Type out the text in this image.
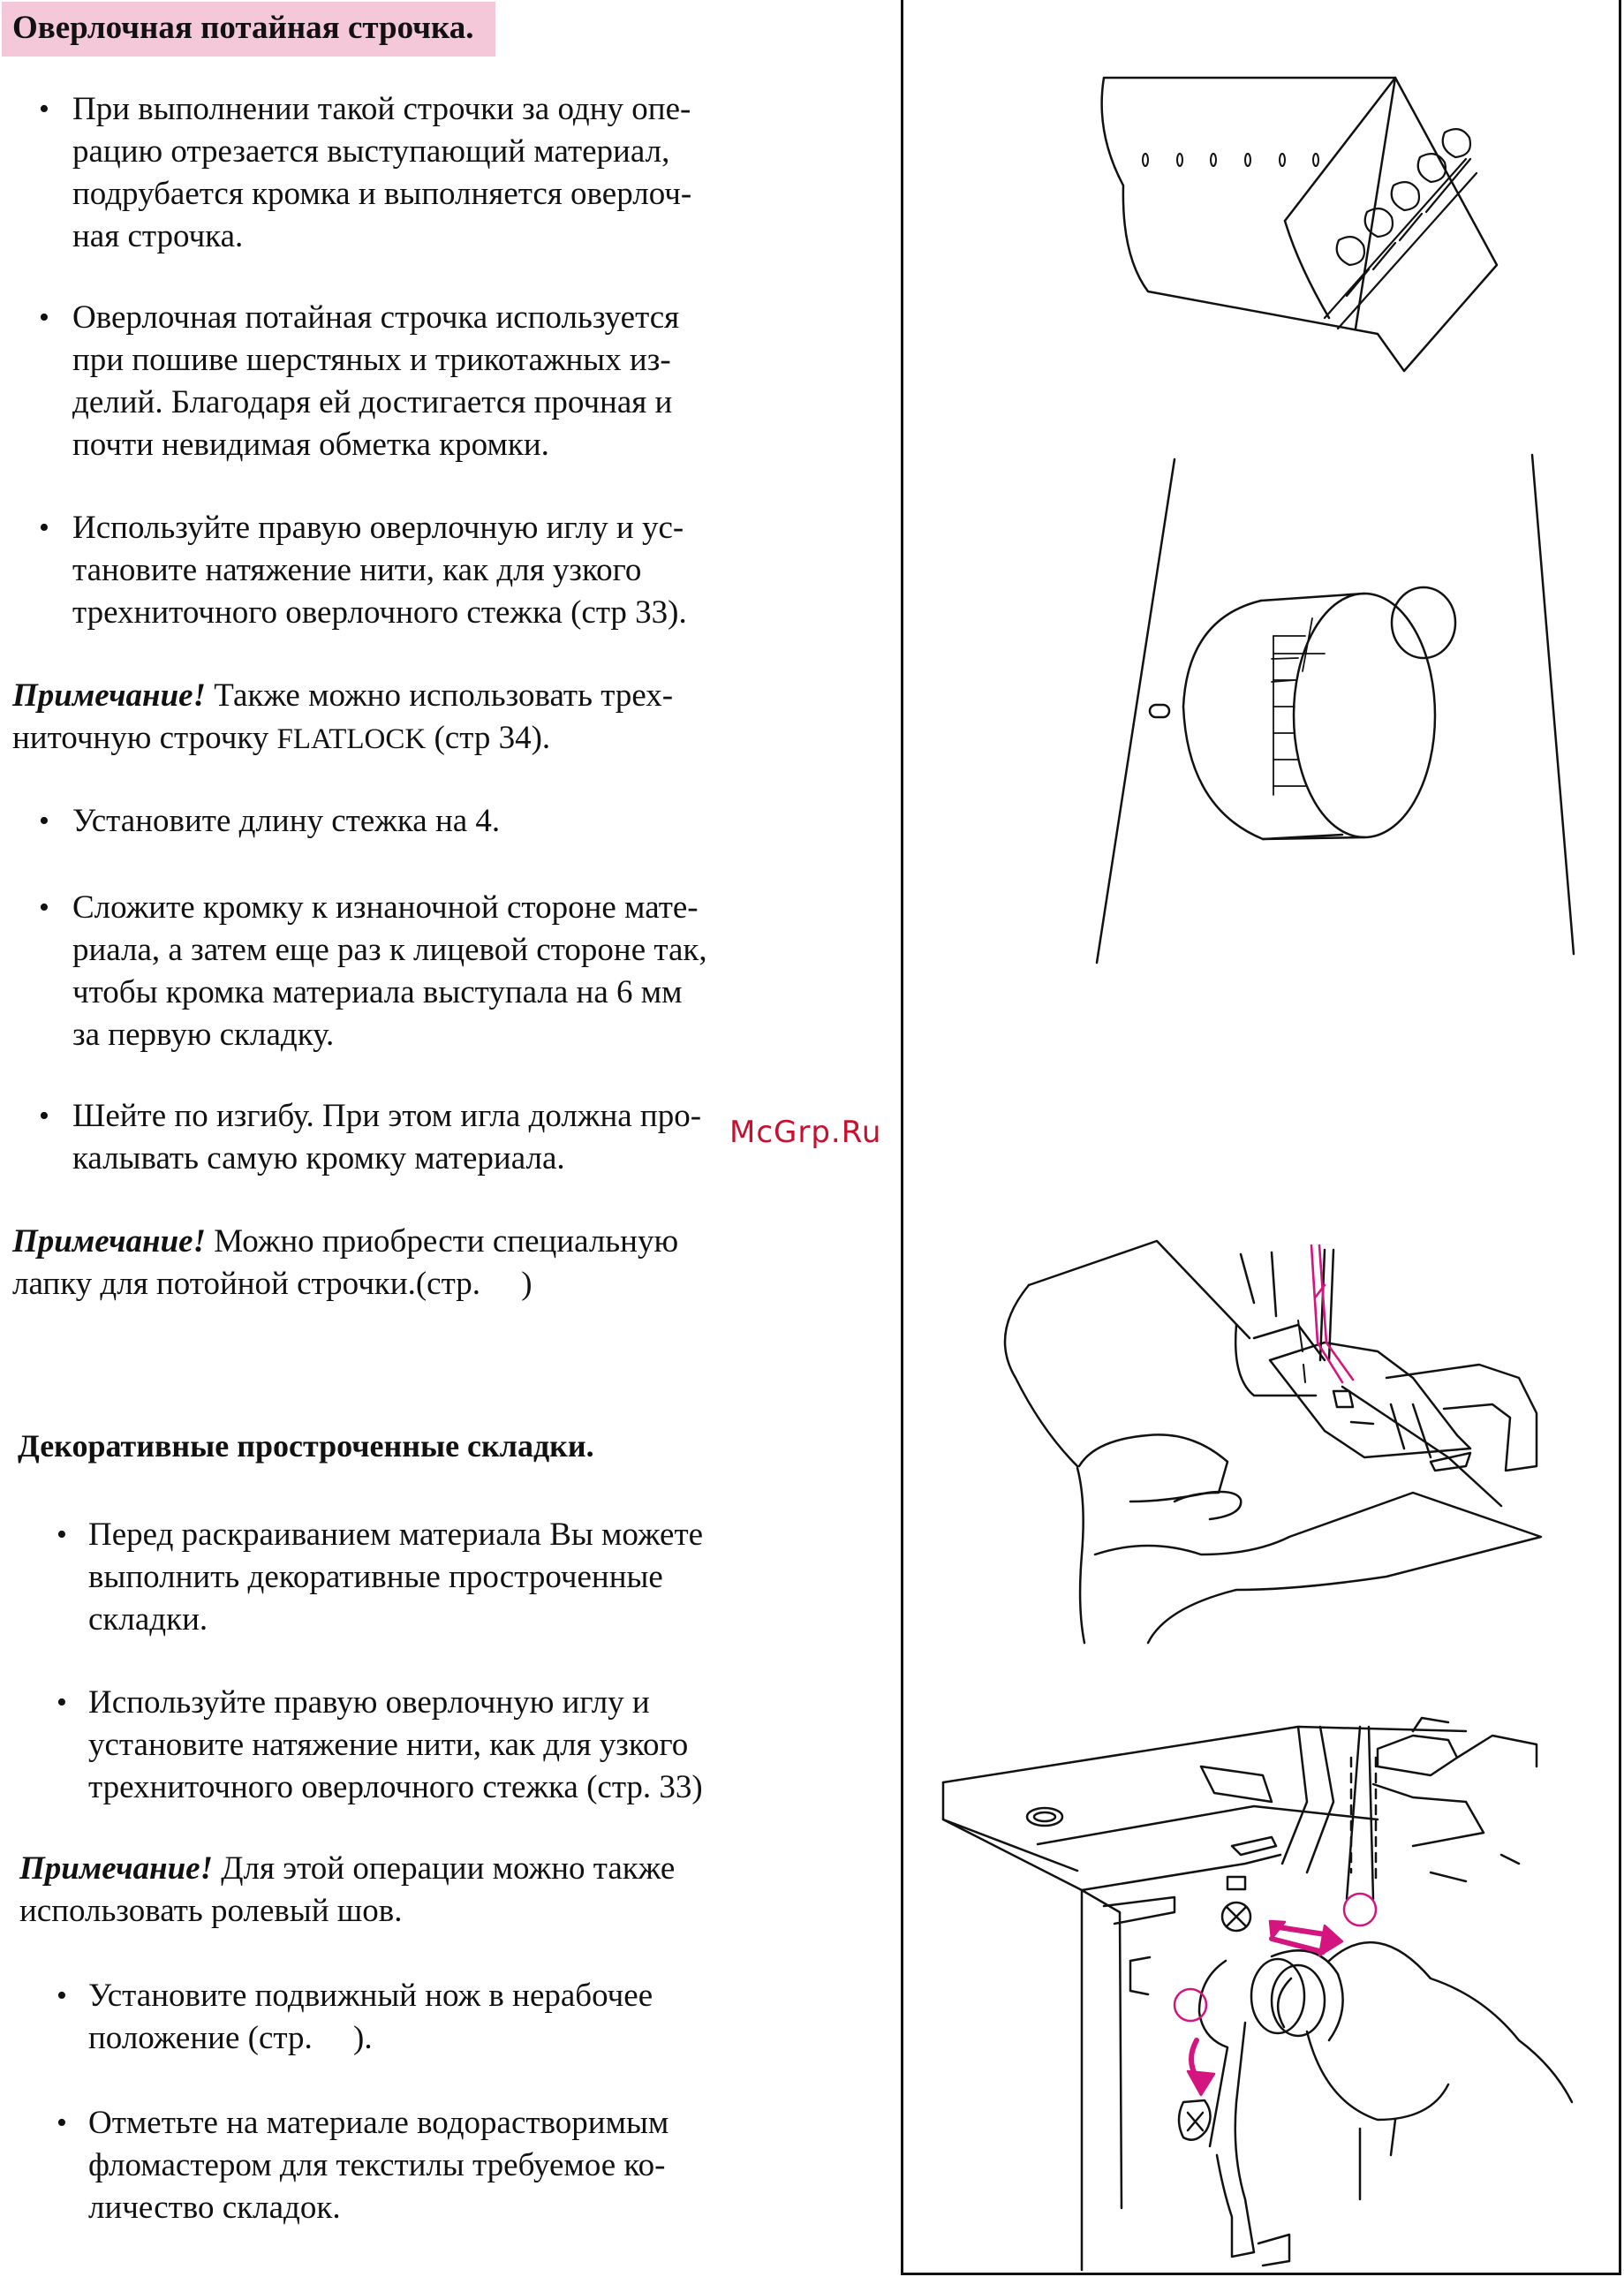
Оверлочная потайная строчка.
• При выполнении такой строчки за одну опе-
рацию отрезается выступающий материал,
подрубается кромка и выполняется оверлоч-
ная строчка.
• Оверлочная потайная строчка используется
при пошиве шерстяных и трикотажных из-
делий. Благодаря ей достигается прочная и
почти невидимая обметка кромки.
• Используйте правую оверлочную иглу и ус-
тановите натяжение нити, как для узкого
трехниточного оверлочного стежка (стр 33).
Примечание! Также можно использовать трех-
ниточную строчку FLATLOCK (стр 34).
• Установите длину стежка на 4.
• Сложите кромку к изнаночной стороне мате-
риала, а затем еще раз к лицевой стороне так,
чтобы кромка материала выступала на 6 мм
за первую складку.
• Шейте по изгибу. При этом игла должна про-
калывать самую кромку материала.
Примечание! Можно приобрести специальную
лапку для потойной строчки.(стр.     )
Декоративные простроченные складки.
• Перед раскраиванием материала Вы можете
выполнить декоративные простроченные
складки.
• Используйте правую оверлочную иглу и
установите натяжение нити, как для узкого
трехниточного оверлочного стежка (стр. 33)
Примечание! Для этой операции можно также
использовать ролевый шов.
• Установите подвижный нож в нерабочее
положение (стр.     ).
• Отметьте на материале водорастворимым
фломастером для текстилы требуемое ко-
личество складок.
McGrp.Ru
